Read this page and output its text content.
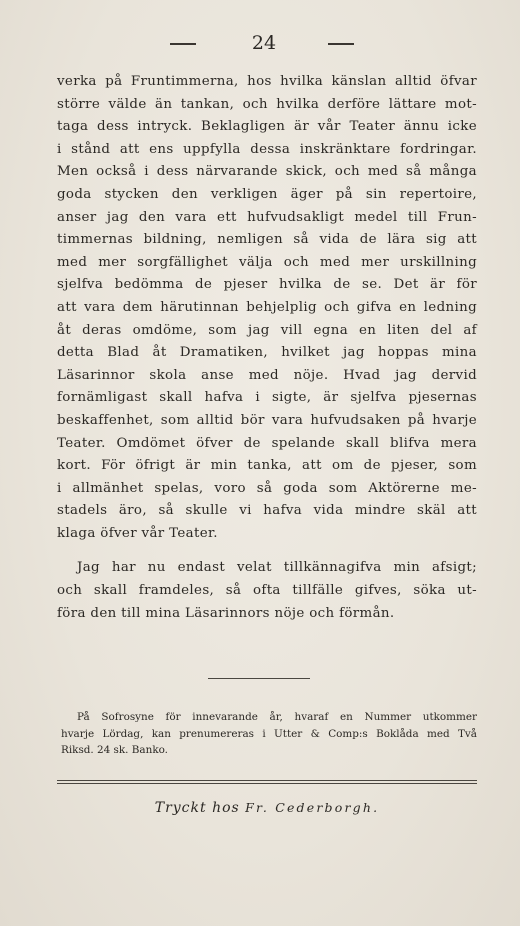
24
verka på Fruntimmerna, hos hvilka känslan alltid öfvar
större välde än tankan, och hvilka derföre lättare mot-
taga dess intryck. Beklagligen är vår Teater ännu icke
i stånd att ens uppfylla dessa inskränktare fordringar.
Men också i dess närvarande skick, och med så många
goda stycken den verkligen äger på sin repertoire,
anser jag den vara ett hufvudsakligt medel till Frun-
timmernas bildning, nemligen så vida de lära sig att
med mer sorgfällighet välja och med mer urskillning
sjelfva bedömma de pjeser hvilka de se. Det är för
att vara dem härutinnan behjelplig och gifva en ledning
åt deras omdöme, som jag vill egna en liten del af
detta Blad åt Dramatiken, hvilket jag hoppas mina
Läsarinnor skola anse med nöje. Hvad jag dervid
fornämligast skall hafva i sigte, är sjelfva pjesernas
beskaffenhet, som alltid bör vara hufvudsaken på hvarje
Teater. Omdömet öfver de spelande skall blifva mera
kort. För öfrigt är min tanka, att om de pjeser, som
i allmänhet spelas, voro så goda som Aktörerne me-
stadels äro, så skulle vi hafva vida mindre skäl att
klaga öfver vår Teater.
Jag har nu endast velat tillkännagifva min afsigt;
och skall framdeles, så ofta tillfälle gifves, söka ut-
föra den till mina Läsarinnors nöje och förmån.
På Sofrosyne för innevarande år, hvaraf en Nummer utkommer
hvarje Lördag, kan prenumereras i Utter & Comp:s Boklåda med Två
Riksd. 24 sk. Banko.
Tryckt hos Fr. Cederborgh.
